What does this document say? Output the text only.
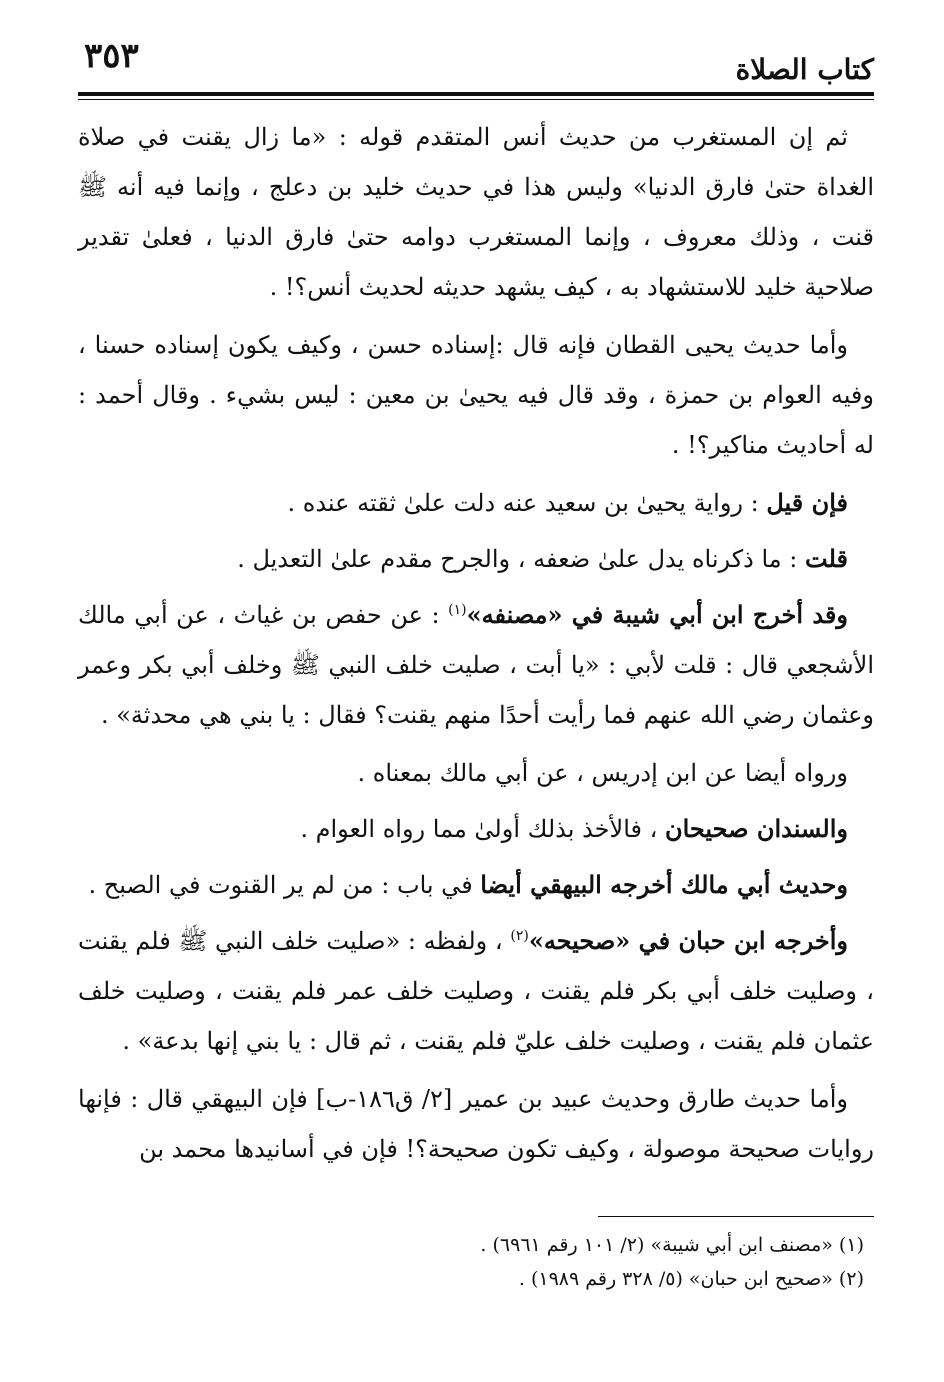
كتاب الصلاة
٣٥٣

ثم إن المستغرب من حديث أنس المتقدم قوله : «ما زال يقنت في صلاة الغداة حتىٰ فارق الدنيا» وليس هذا في حديث خليد بن دعلج ، وإنما فيه أنه ﷺ قنت ، وذلك معروف ، وإنما المستغرب دوامه حتىٰ فارق الدنيا ، فعلىٰ تقدير صلاحية خليد للاستشهاد به ، كيف يشهد حديثه لحديث أنس؟! .

وأما حديث يحيى القطان فإنه قال :إسناده حسن ، وكيف يكون إسناده حسنا ، وفيه العوام بن حمزة ، وقد قال فيه يحيىٰ بن معين : ليس بشيء . وقال أحمد : له أحاديث مناكير؟! .

فإن قيل : رواية يحيىٰ بن سعيد عنه دلت علىٰ ثقته عنده .

قلت : ما ذكرناه يدل علىٰ ضعفه ، والجرح مقدم علىٰ التعديل .

وقد أخرج ابن أبي شيبة في «مصنفه»$^{(١)}$ : عن حفص بن غياث ، عن أبي مالك الأشجعي قال : قلت لأبي : «يا أبت ، صليت خلف النبي ﷺ وخلف أبي بكر وعمر وعثمان رضي الله عنهم فما رأيت أحدًا منهم يقنت؟ فقال : يا بني هي محدثة» .

ورواه أيضا عن ابن إدريس ، عن أبي مالك بمعناه .

والسندان صحيحان ، فالأخذ بذلك أولىٰ مما رواه العوام .

وحديث أبي مالك أخرجه البيهقي أيضا في باب : من لم ير القنوت في الصبح .

وأخرجه ابن حبان في «صحيحه»$^{(٢)}$ ، ولفظه : «صليت خلف النبي ﷺ فلم يقنت ، وصليت خلف أبي بكر فلم يقنت ، وصليت خلف عمر فلم يقنت ، وصليت خلف عثمان فلم يقنت ، وصليت خلف عليّ فلم يقنت ، ثم قال : يا بني إنها بدعة» .

وأما حديث طارق وحديث عبيد بن عمير [٢/ ق١٨٦-ب] فإن البيهقي قال : فإنها روايات صحيحة موصولة ، وكيف تكون صحيحة؟! فإن في أسانيدها محمد بن

(١) «مصنف ابن أبي شيبة» (٢/ ١٠١ رقم ٦٩٦١) .

(٢) «صحيح ابن حبان» (٥/ ٣٢٨ رقم ١٩٨٩) .
